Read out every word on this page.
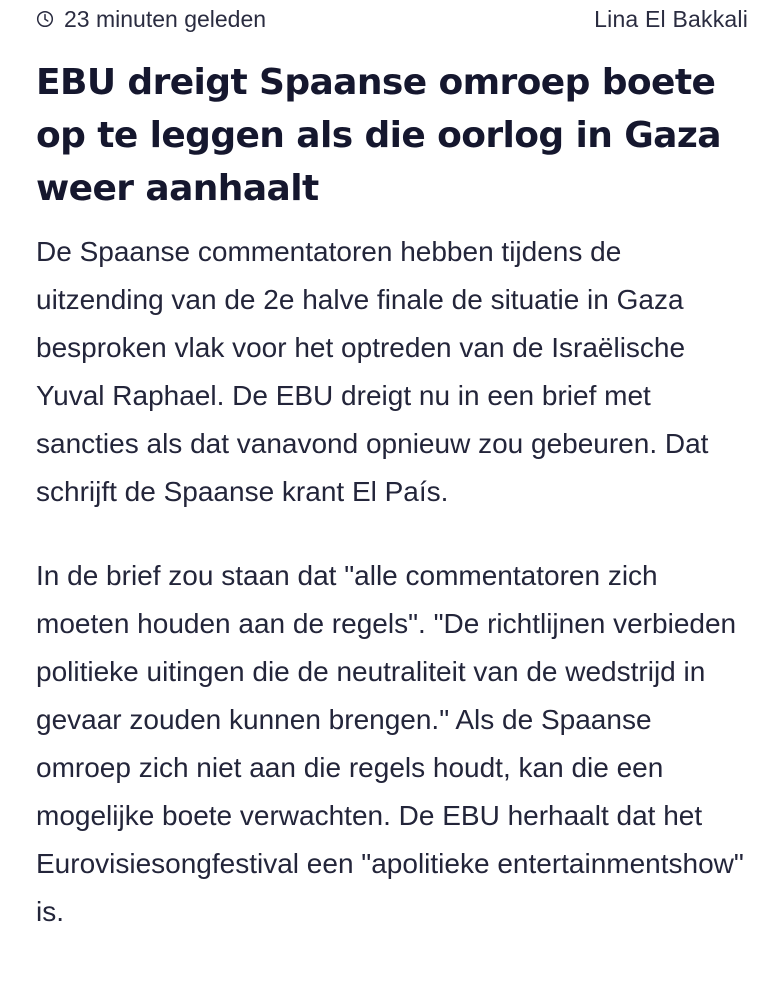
23 minuten geleden	Lina El Bakkali
EBU dreigt Spaanse omroep boete op te leggen als die oorlog in Gaza weer aanhaalt

De Spaanse commentatoren hebben tijdens de uitzending van de 2e halve finale de situatie in Gaza besproken vlak voor het optreden van de Israëlische Yuval Raphael. De EBU dreigt nu in een brief met sancties als dat vanavond opnieuw zou gebeuren. Dat schrijft de Spaanse krant El País.

In de brief zou staan dat "alle commentatoren zich moeten houden aan de regels". "De richtlijnen verbieden politieke uitingen die de neutraliteit van de wedstrijd in gevaar zouden kunnen brengen." Als de Spaanse omroep zich niet aan die regels houdt, kan die een mogelijke boete verwachten. De EBU herhaalt dat het Eurovisiesongfestival een "apolitieke entertainmentshow" is.
